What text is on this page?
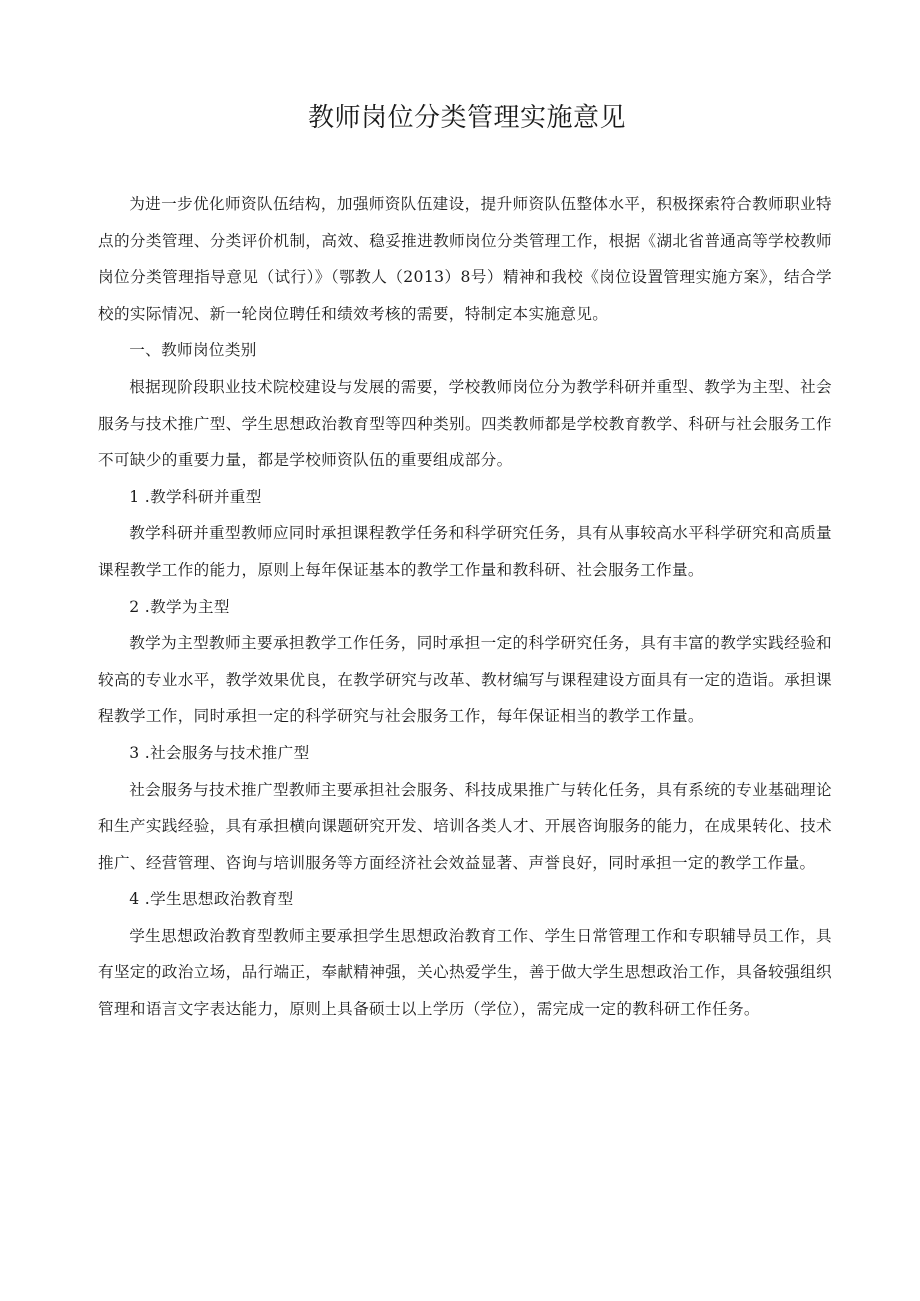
教师岗位分类管理实施意见

为进一步优化师资队伍结构，加强师资队伍建设，提升师资队伍整体水平，积极探索符合教师职业特点的分类管理、分类评价机制，高效、稳妥推进教师岗位分类管理工作，根据《湖北省普通高等学校教师岗位分类管理指导意见（试行）》（鄂教人（2013）8号）精神和我校《岗位设置管理实施方案》，结合学校的实际情况、新一轮岗位聘任和绩效考核的需要，特制定本实施意见。

一、教师岗位类别

根据现阶段职业技术院校建设与发展的需要，学校教师岗位分为教学科研并重型、教学为主型、社会服务与技术推广型、学生思想政治教育型等四种类别。四类教师都是学校教育教学、科研与社会服务工作不可缺少的重要力量，都是学校师资队伍的重要组成部分。

1 .教学科研并重型

教学科研并重型教师应同时承担课程教学任务和科学研究任务，具有从事较高水平科学研究和高质量课程教学工作的能力，原则上每年保证基本的教学工作量和教科研、社会服务工作量。

2 .教学为主型

教学为主型教师主要承担教学工作任务，同时承担一定的科学研究任务，具有丰富的教学实践经验和较高的专业水平，教学效果优良，在教学研究与改革、教材编写与课程建设方面具有一定的造诣。承担课程教学工作，同时承担一定的科学研究与社会服务工作，每年保证相当的教学工作量。

3 .社会服务与技术推广型

社会服务与技术推广型教师主要承担社会服务、科技成果推广与转化任务，具有系统的专业基础理论和生产实践经验，具有承担横向课题研究开发、培训各类人才、开展咨询服务的能力，在成果转化、技术推广、经营管理、咨询与培训服务等方面经济社会效益显著、声誉良好，同时承担一定的教学工作量。

4 .学生思想政治教育型

学生思想政治教育型教师主要承担学生思想政治教育工作、学生日常管理工作和专职辅导员工作，具有坚定的政治立场，品行端正，奉献精神强，关心热爱学生，善于做大学生思想政治工作，具备较强组织管理和语言文字表达能力，原则上具备硕士以上学历（学位），需完成一定的教科研工作任务。
